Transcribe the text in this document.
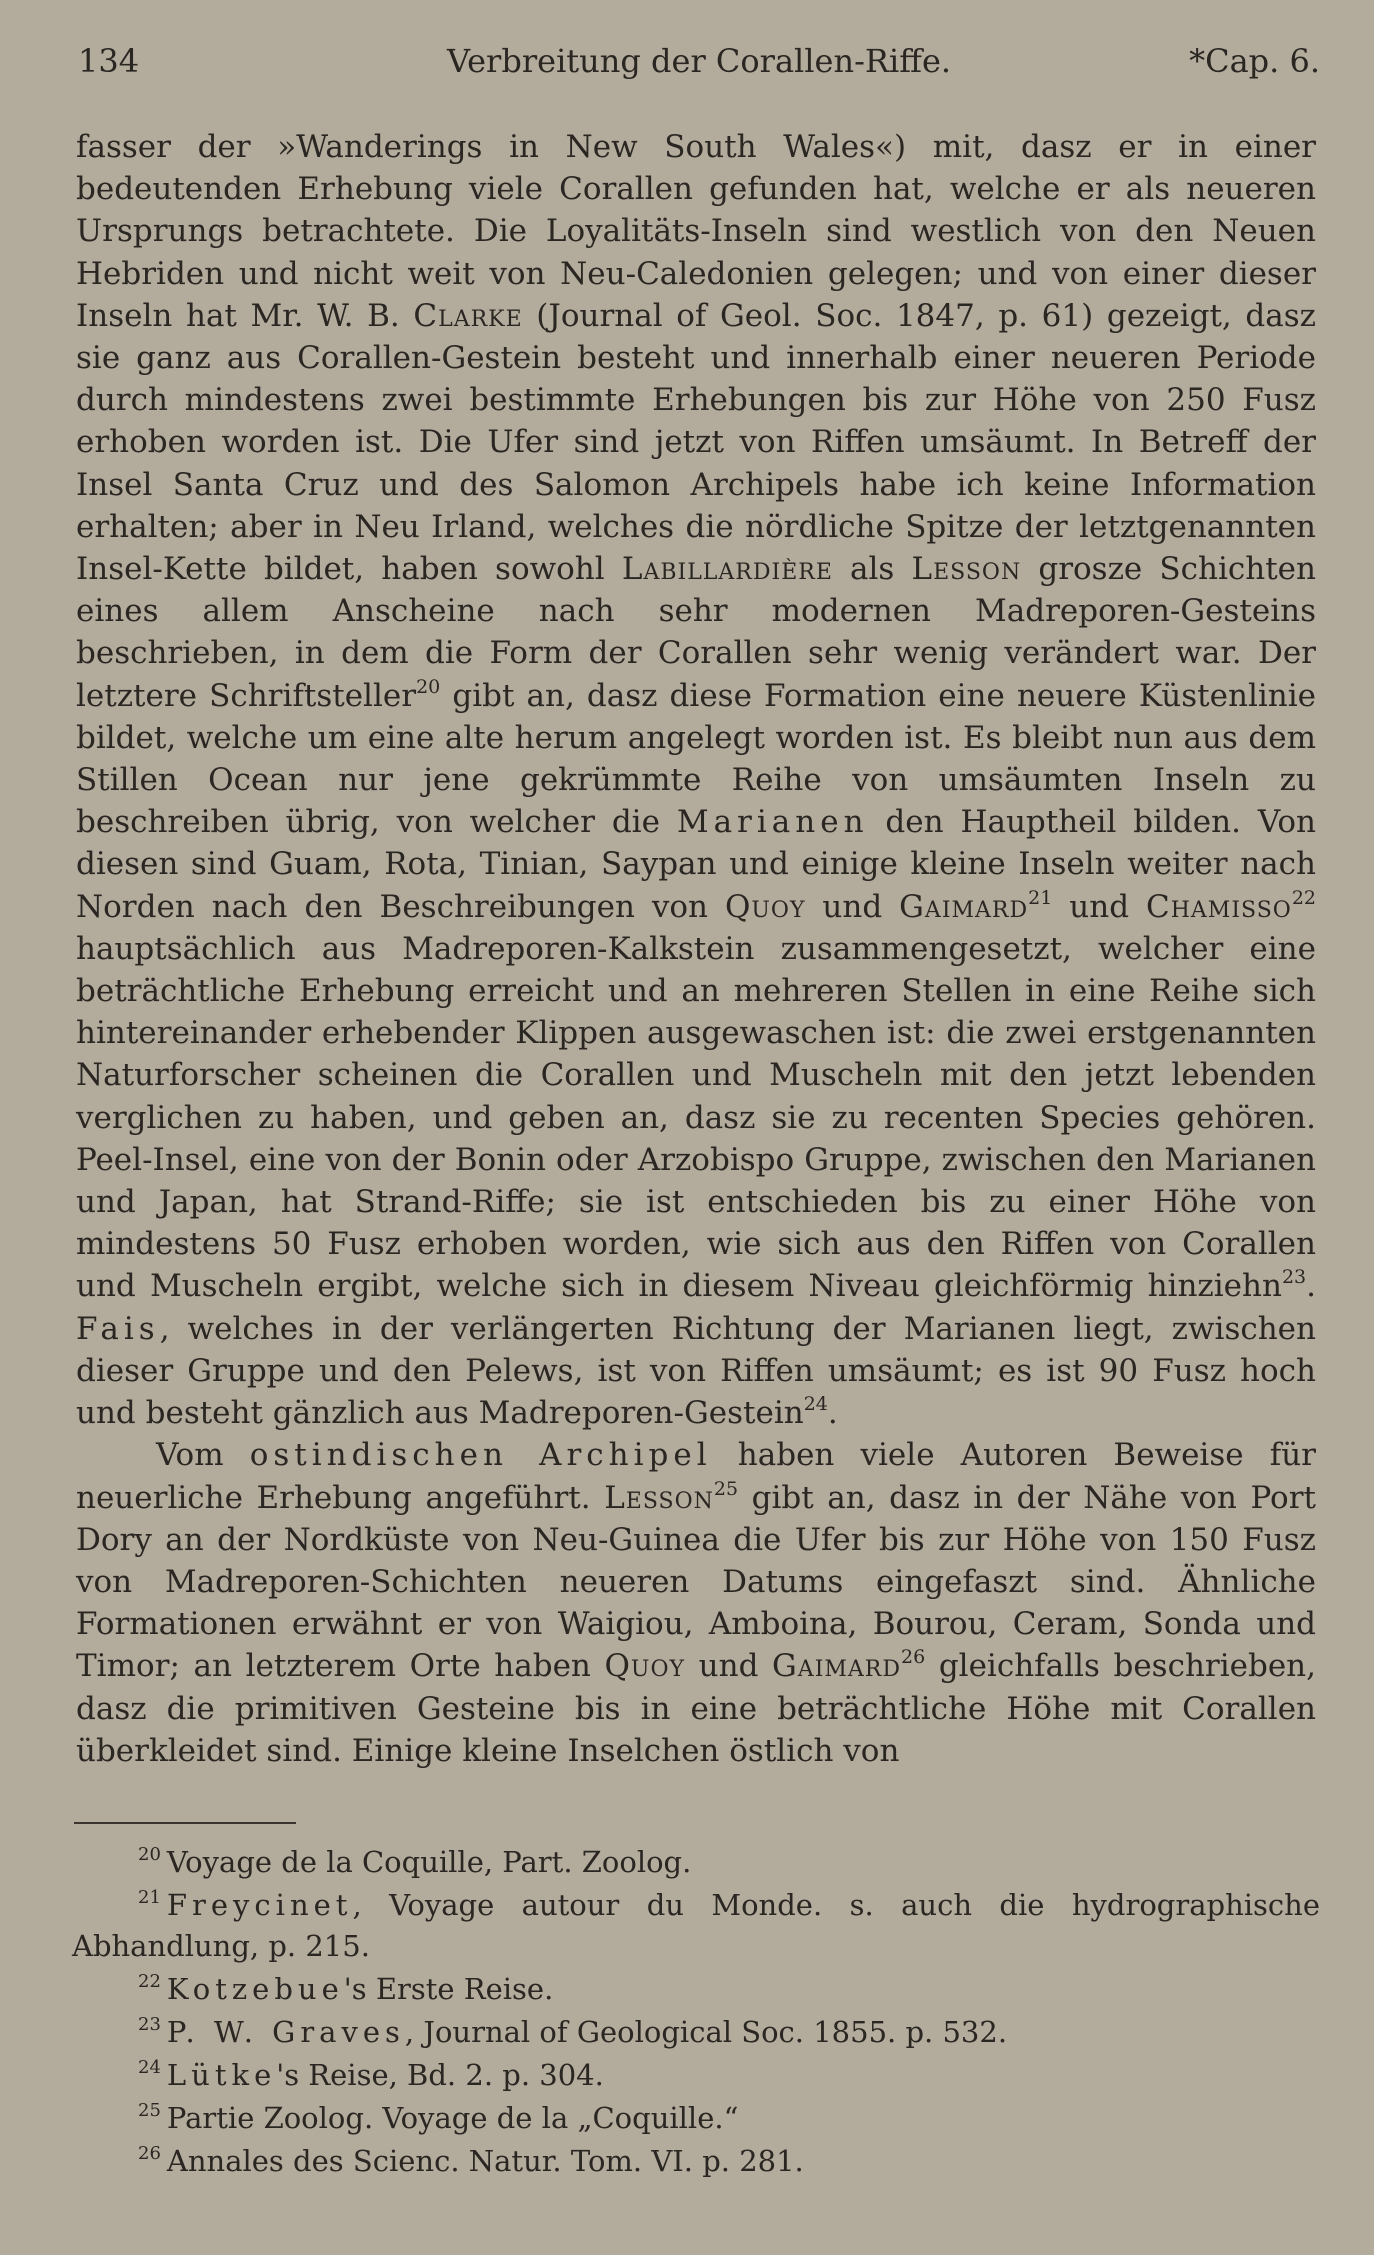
134	Verbreitung der Corallen-Riffe.	*Cap. 6.

fasser der »Wanderings in New South Wales«) mit, dasz er in einer bedeutenden Erhebung viele Corallen gefunden hat, welche er als neueren Ursprungs betrachtete. Die Loyalitäts-Inseln sind westlich von den Neuen Hebriden und nicht weit von Neu-Caledonien gelegen; und von einer dieser Inseln hat Mr. W. B. Clarke (Journal of Geol. Soc. 1847, p. 61) gezeigt, dasz sie ganz aus Corallen-Gestein besteht und innerhalb einer neueren Periode durch mindestens zwei bestimmte Erhebungen bis zur Höhe von 250 Fusz erhoben worden ist. Die Ufer sind jetzt von Riffen umsäumt. In Betreff der Insel Santa Cruz und des Salomon Archipels habe ich keine Information erhalten; aber in Neu Irland, welches die nördliche Spitze der letztgenannten Insel-Kette bildet, haben sowohl Labillardière als Lesson grosze Schichten eines allem Anscheine nach sehr modernen Madreporen-Gesteins beschrieben, in dem die Form der Corallen sehr wenig verändert war. Der letztere Schriftsteller$^{20}$ gibt an, dasz diese Formation eine neuere Küstenlinie bildet, welche um eine alte herum angelegt worden ist. Es bleibt nun aus dem Stillen Ocean nur jene gekrümmte Reihe von umsäumten Inseln zu beschreiben übrig, von welcher die Marianen den Hauptheil bilden. Von diesen sind Guam, Rota, Tinian, Saypan und einige kleine Inseln weiter nach Norden nach den Beschreibungen von Quoy und Gaimard$^{21}$ und Chamisso$^{22}$ hauptsächlich aus Madreporen-Kalkstein zusammengesetzt, welcher eine beträchtliche Erhebung erreicht und an mehreren Stellen in eine Reihe sich hintereinander erhebender Klippen ausgewaschen ist: die zwei erstgenannten Naturforscher scheinen die Corallen und Muscheln mit den jetzt lebenden verglichen zu haben, und geben an, dasz sie zu recenten Species gehören. Peel-Insel, eine von der Bonin oder Arzobispo Gruppe, zwischen den Marianen und Japan, hat Strand-Riffe; sie ist entschieden bis zu einer Höhe von mindestens 50 Fusz erhoben worden, wie sich aus den Riffen von Corallen und Muscheln ergibt, welche sich in diesem Niveau gleichförmig hinziehn$^{23}$. Fais, welches in der verlängerten Richtung der Marianen liegt, zwischen dieser Gruppe und den Pelews, ist von Riffen umsäumt; es ist 90 Fusz hoch und besteht gänzlich aus Madreporen-Gestein$^{24}$.

Vom ostindischen Archipel haben viele Autoren Beweise für neuerliche Erhebung angeführt. Lesson$^{25}$ gibt an, dasz in der Nähe von Port Dory an der Nordküste von Neu-Guinea die Ufer bis zur Höhe von 150 Fusz von Madreporen-Schichten neueren Datums eingefaszt sind. Ähnliche Formationen erwähnt er von Waigiou, Amboina, Bourou, Ceram, Sonda und Timor; an letzterem Orte haben Quoy und Gaimard$^{26}$ gleichfalls beschrieben, dasz die primitiven Gesteine bis in eine beträchtliche Höhe mit Corallen überkleidet sind. Einige kleine Inselchen östlich von

$^{20}$ Voyage de la Coquille, Part. Zoolog.

$^{21}$ Freycinet, Voyage autour du Monde. s. auch die hydrographische Abhandlung, p. 215.

$^{22}$ Kotzebue's Erste Reise.

$^{23}$ P. W. Graves, Journal of Geological Soc. 1855. p. 532.

$^{24}$ Lütke's Reise, Bd. 2. p. 304.

$^{25}$ Partie Zoolog. Voyage de la „Coquille.“

$^{26}$ Annales des Scienc. Natur. Tom. VI. p. 281.
